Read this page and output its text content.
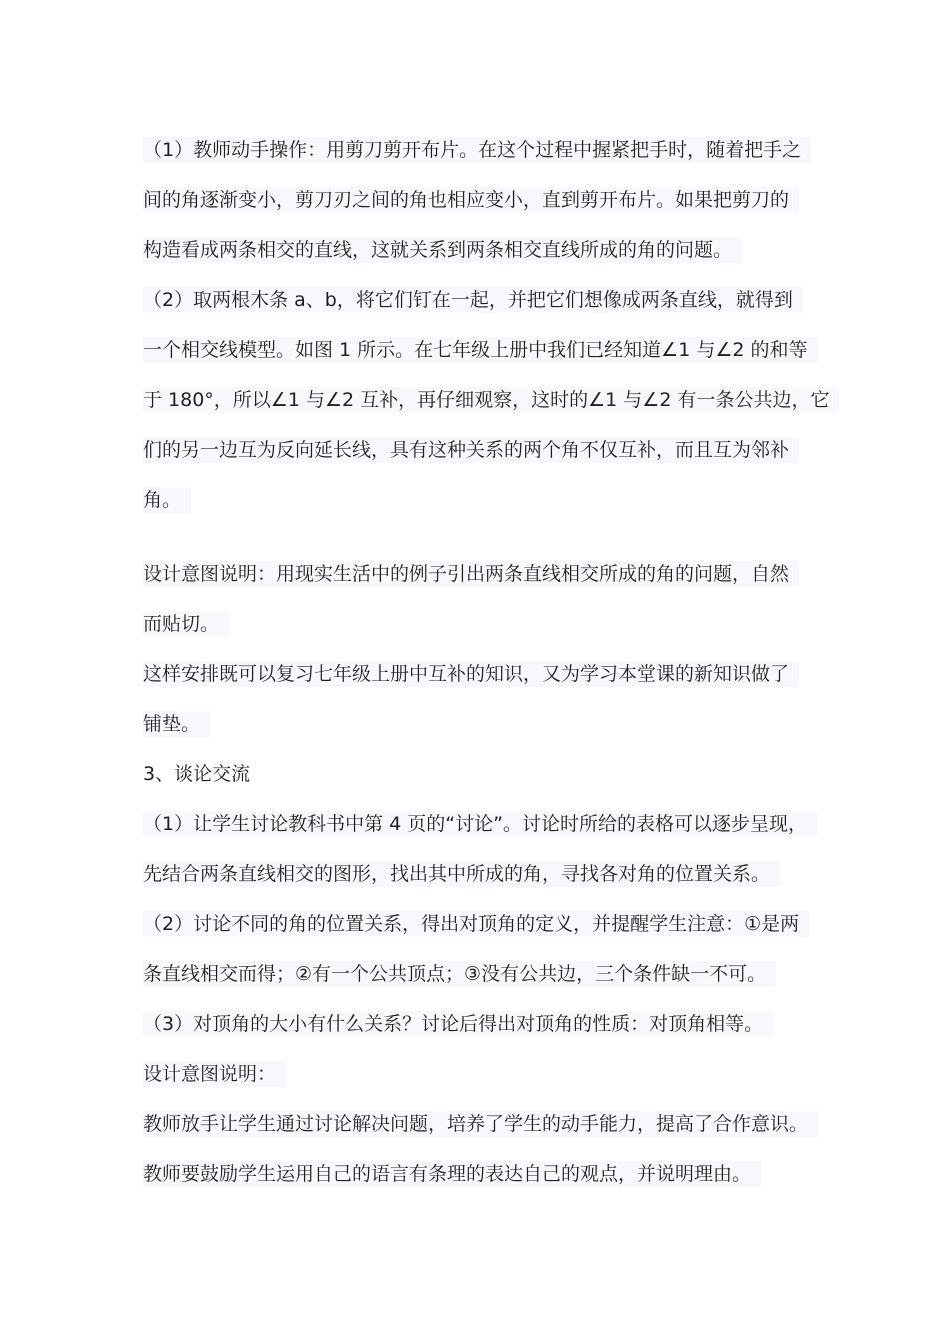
（1）教师动手操作：用剪刀剪开布片。在这个过程中握紧把手时，随着把手之
间的角逐渐变小，剪刀刃之间的角也相应变小，直到剪开布片。如果把剪刀的
构造看成两条相交的直线，这就关系到两条相交直线所成的角的问题。
（2）取两根木条 a、b，将它们钉在一起，并把它们想像成两条直线，就得到
一个相交线模型。如图 1 所示。在七年级上册中我们已经知道∠1 与∠2 的和等
于 180°，所以∠1 与∠2 互补，再仔细观察，这时的∠1 与∠2 有一条公共边，它
们的另一边互为反向延长线，具有这种关系的两个角不仅互补，而且互为邻补
角。
设计意图说明：用现实生活中的例子引出两条直线相交所成的角的问题，自然
而贴切。
这样安排既可以复习七年级上册中互补的知识，又为学习本堂课的新知识做了
铺垫。
3、谈论交流
（1）让学生讨论教科书中第 4 页的“讨论”。讨论时所给的表格可以逐步呈现，
先结合两条直线相交的图形，找出其中所成的角，寻找各对角的位置关系。
（2）讨论不同的角的位置关系，得出对顶角的定义，并提醒学生注意：①是两
条直线相交而得；②有一个公共顶点；③没有公共边，三个条件缺一不可。
（3）对顶角的大小有什么关系？讨论后得出对顶角的性质：对顶角相等。
设计意图说明：
教师放手让学生通过讨论解决问题，培养了学生的动手能力，提高了合作意识。
教师要鼓励学生运用自己的语言有条理的表达自己的观点，并说明理由。
